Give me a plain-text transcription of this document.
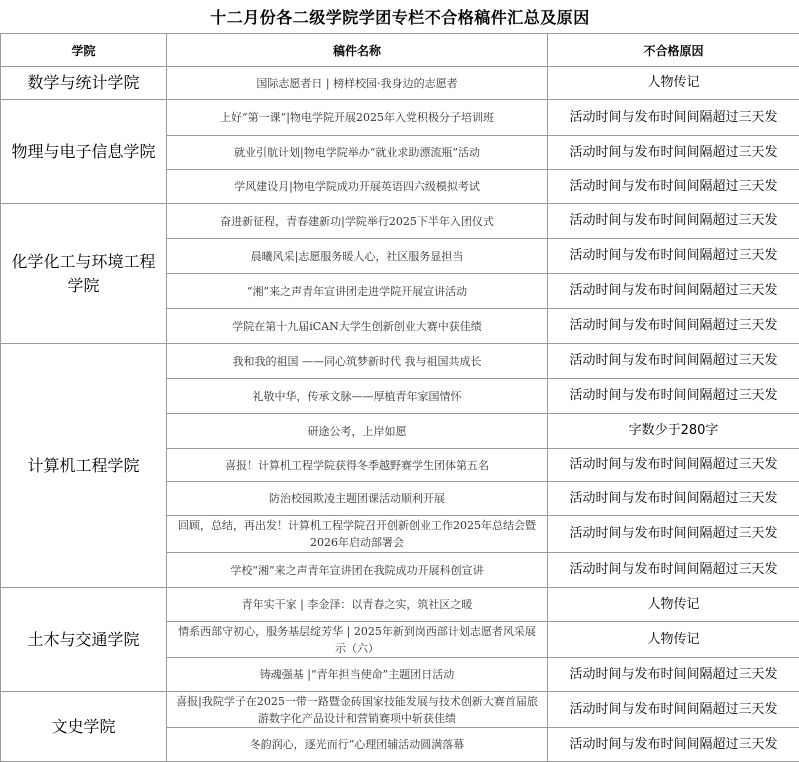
十二月份各二级学院学团专栏不合格稿件汇总及原因		
学院	稿件名称	不合格原因
数学与统计学院	国际志愿者日 | 榜样校园·我身边的志愿者	人物传记
物理与电子信息学院	上好“第一课”|物电学院开展2025年入党积极分子培训班	活动时间与发布时间间隔超过三天发
	就业引航计划|物电学院举办“就业求助漂流瓶”活动	活动时间与发布时间间隔超过三天发
	学风建设月|物电学院成功开展英语四六级模拟考试	活动时间与发布时间间隔超过三天发
化学化工与环境工程学院	奋进新征程，青春建新功|学院举行2025下半年入团仪式	活动时间与发布时间间隔超过三天发
	晨曦风采|志愿服务暖人心，社区服务显担当	活动时间与发布时间间隔超过三天发
	“湘”来之声青年宣讲团走进学院开展宣讲活动	活动时间与发布时间间隔超过三天发
	学院在第十九届iCAN大学生创新创业大赛中获佳绩	活动时间与发布时间间隔超过三天发
计算机工程学院	我和我的祖国 ——同心筑梦新时代 我与祖国共成长	活动时间与发布时间间隔超过三天发
	礼敬中华，传承文脉——厚植青年家国情怀	活动时间与发布时间间隔超过三天发
	研途公考，上岸如愿	字数少于280字
	喜报！计算机工程学院获得冬季越野赛学生团体第五名	活动时间与发布时间间隔超过三天发
	防治校园欺凌主题团课活动顺利开展	活动时间与发布时间间隔超过三天发
	回顾，总结，再出发！计算机工程学院召开创新创业工作2025年总结会暨2026年启动部署会	活动时间与发布时间间隔超过三天发
	学校“湘”来之声青年宣讲团在我院成功开展科创宣讲	活动时间与发布时间间隔超过三天发
土木与交通学院	青年实干家 | 李金泽：以青春之实，筑社区之暖	人物传记
	情系西部守初心，服务基层绽芳华 | 2025年新到岗西部计划志愿者风采展示（六）	人物传记
	铸魂强基 |“青年担当使命”主题团日活动	活动时间与发布时间间隔超过三天发
文史学院	喜报|我院学子在2025一带一路暨金砖国家技能发展与技术创新大赛首届旅游数字化产品设计和营销赛项中斩获佳绩	活动时间与发布时间间隔超过三天发
	冬韵润心，逐光而行”心理团辅活动圆满落幕	活动时间与发布时间间隔超过三天发
